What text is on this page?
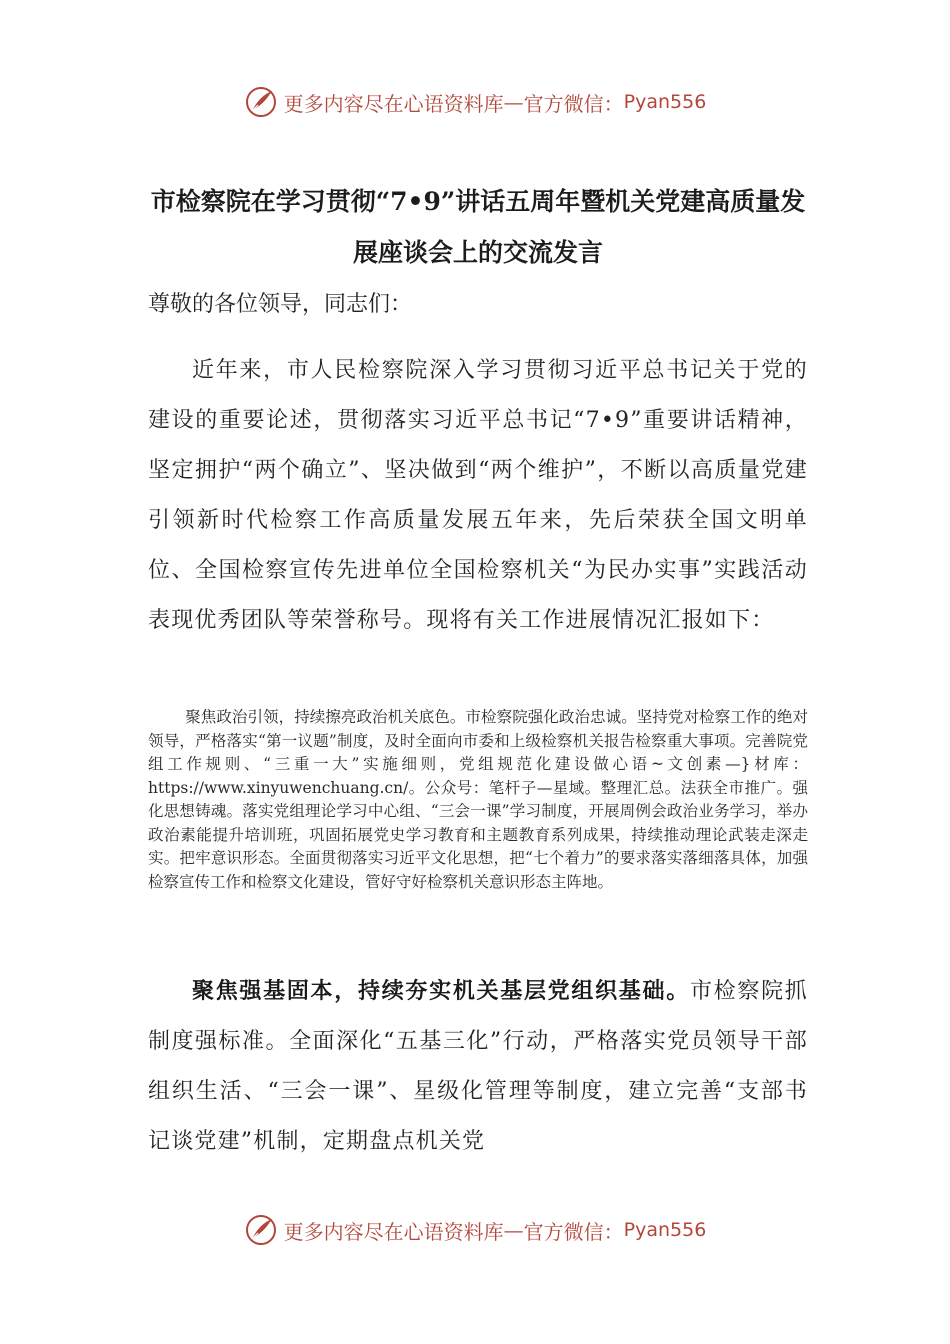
更多内容尽在心语资料库 — 官方微信： Pyan556
市检察院在学习贯彻“7•9”讲话五周年暨机关党建高质量发展座谈会上的交流发言
尊敬的各位领导，同志们：

近年来，市人民检察院深入学习贯彻习近平总书记关于党的建设的重要论述，贯彻落实习近平总书记“7•9”重要讲话精神，坚定拥护“两个确立”、坚决做到“两个维护”，不断以高质量党建引领新时代检察工作高质量发展五年来，先后荣获全国文明单位、全国检察宣传先进单位全国检察机关“为民办实事”实践活动表现优秀团队等荣誉称号。现将有关工作进展情况汇报如下：

聚焦政治引领，持续擦亮政治机关底色。市检察院强化政治忠诚。坚持党对检察工作的绝对领导，严格落实“第一议题”制度，及时全面向市委和上级检察机关报告检察重大事项。完善院党组工作规则、“三重一大”实施细则，党组规范化建设做心语~文创素—}材库：https://www.xinyuwenchuang.cn/。公众号：笔杆子—星域。整理汇总。法获全市推广。强化思想铸魂。落实党组理论学习中心组、“三会一课”学习制度，开展周例会政治业务学习，举办政治素能提升培训班，巩固拓展党史学习教育和主题教育系列成果，持续推动理论武装走深走实。把牢意识形态。全面贯彻落实习近平文化思想，把“七个着力”的要求落实落细落具体，加强检察宣传工作和检察文化建设，管好守好检察机关意识形态主阵地。

聚焦强基固本，持续夯实机关基层党组织基础。市检察院抓制度强标准。全面深化“五基三化”行动，严格落实党员领导干部组织生活、“三会一课”、星级化管理等制度，建立完善“支部书记谈党建”机制，定期盘点机关党

更多内容尽在心语资料库 — 官方微信： Pyan556
